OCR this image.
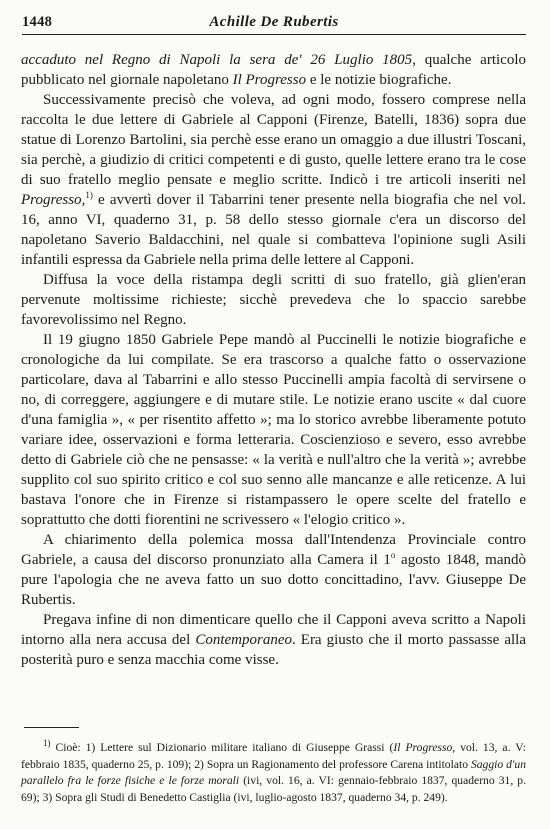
1448	Achille De Rubertis

accaduto nel Regno di Napoli la sera de' 26 Luglio 1805, qualche articolo pubblicato nel giornale napoletano Il Progresso e le notizie biografiche.

Successivamente precisò che voleva, ad ogni modo, fossero comprese nella raccolta le due lettere di Gabriele al Capponi (Firenze, Batelli, 1836) sopra due statue di Lorenzo Bartolini, sia perchè esse erano un omaggio a due illustri Toscani, sia perchè, a giudizio di critici competenti e di gusto, quelle lettere erano tra le cose di suo fratello meglio pensate e meglio scritte. Indicò i tre articoli inseriti nel Progresso,$^{1)}$ e avvertì dover il Tabarrini tener presente nella biografia che nel vol. 16, anno VI, quaderno 31, p. 58 dello stesso giornale c'era un discorso del napoletano Saverio Baldacchini, nel quale si combatteva l'opinione sugli Asili infantili espressa da Gabriele nella prima delle lettere al Capponi.

Diffusa la voce della ristampa degli scritti di suo fratello, già glien'eran pervenute moltissime richieste; sicchè prevedeva che lo spaccio sarebbe favorevolissimo nel Regno.

Il 19 giugno 1850 Gabriele Pepe mandò al Puccinelli le notizie biografiche e cronologiche da lui compilate. Se era trascorso a qualche fatto o osservazione particolare, dava al Tabarrini e allo stesso Puccinelli ampia facoltà di servirsene o no, di correggere, aggiungere e di mutare stile. Le notizie erano uscite « dal cuore d'una famiglia », « per risentito affetto »; ma lo storico avrebbe liberamente potuto variare idee, osservazioni e forma letteraria. Coscienzioso e severo, esso avrebbe detto di Gabriele ciò che ne pensasse: « la verità e null'altro che la verità »; avrebbe supplito col suo spirito critico e col suo senno alle mancanze e alle reticenze. A lui bastava l'onore che in Firenze si ristampassero le opere scelte del fratello e soprattutto che dotti fiorentini ne scrivessero « l'elogio critico ».

A chiarimento della polemica mossa dall'Intendenza Provinciale contro Gabriele, a causa del discorso pronunziato alla Camera il 1$^o$ agosto 1848, mandò pure l'apologia che ne aveva fatto un suo dotto concittadino, l'avv. Giuseppe De Rubertis.

Pregava infine di non dimenticare quello che il Capponi aveva scritto a Napoli intorno alla nera accusa del Contemporaneo. Era giusto che il morto passasse alla posterità puro e senza macchia come visse.

$^{1)}$ Cioè: 1) Lettere sul Dizionario militare italiano di Giuseppe Grassi (Il Progresso, vol. 13, a. V: febbraio 1835, quaderno 25, p. 109); 2) Sopra un Ragionamento del professore Carena intitolato Saggio d'un parallelo fra le forze fisiche e le forze morali (ivi, vol. 16, a. VI: gennaio-febbraio 1837, quaderno 31, p. 69); 3) Sopra gli Studi di Benedetto Castiglia (ivi, luglio-agosto 1837, quaderno 34, p. 249).
